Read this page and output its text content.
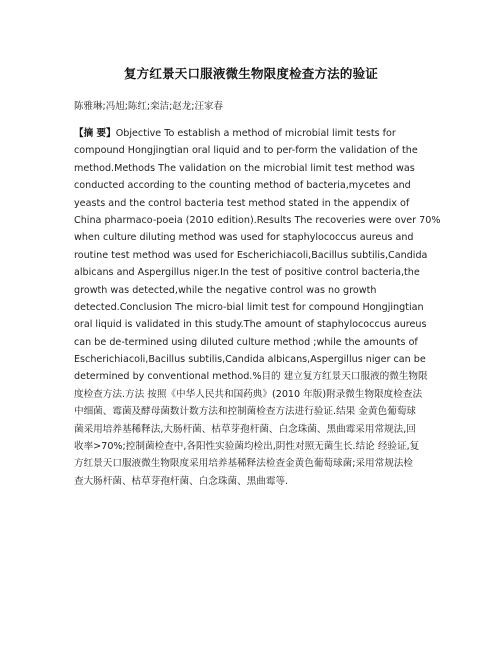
复方红景天口服液微生物限度检查方法的验证
陈雅琳;冯旭;陈红;栾洁;赵龙;汪家春
【摘 要】Objective To establish a method of microbial limit tests for
compound Hongjingtian oral liquid and to per-form the validation of the
method.Methods The validation on the microbial limit test method was
conducted according to the counting method of bacteria,mycetes and
yeasts and the control bacteria test method stated in the appendix of
China pharmaco-poeia (2010 edition).Results The recoveries were over 70%
when culture diluting method was used for staphylococcus aureus and
routine test method was used for Escherichiacoli,Bacillus subtilis,Candida
albicans and Aspergillus niger.In the test of positive control bacteria,the
growth was detected,while the negative control was no growth
detected.Conclusion The micro-bial limit test for compound Hongjingtian
oral liquid is validated in this study.The amount of staphylococcus aureus
can be de-termined using diluted culture method ;while the amounts of
Escherichiacoli,Bacillus subtilis,Candida albicans,Aspergillus niger can be
determined by conventional method.%目的 建立复方红景天口服液的微生物限
度检查方法.方法 按照《中华人民共和国药典》(2010 年版)附录微生物限度检查法
中细菌、霉菌及酵母菌数计数方法和控制菌检查方法进行验证.结果 金黄色葡萄球
菌采用培养基稀释法,大肠杆菌、枯草芽孢杆菌、白念珠菌、黑曲霉采用常规法,回
收率>70%;控制菌检查中,各阳性实验菌均检出,阴性对照无菌生长.结论 经验证,复
方红景天口服液微生物限度采用培养基稀释法检查金黄色葡萄球菌;采用常规法检
查大肠杆菌、枯草芽孢杆菌、白念珠菌、黑曲霉等.
